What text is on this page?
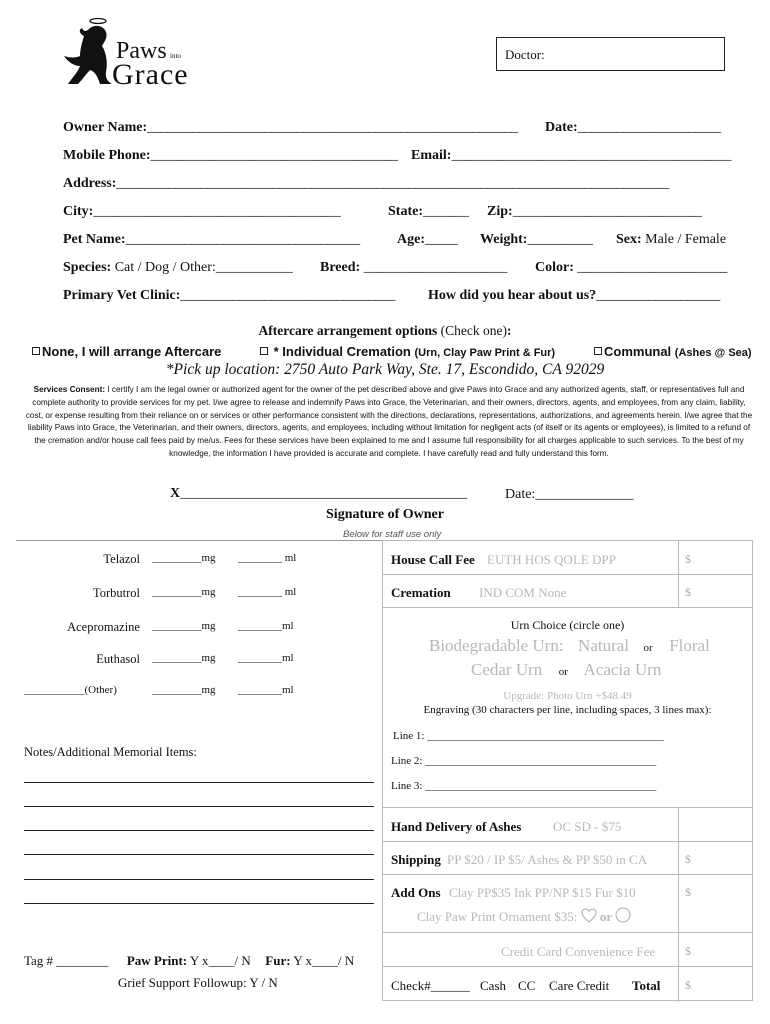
Paws into
Grace
Doctor:
Owner Name:_________________________________________________________ Date:______________________
Mobile Phone:______________________________________ Email:___________________________________________
Address:_____________________________________________________________________________________
City:______________________________________	State:_______ Zip:_____________________________
Pet Name:____________________________________	Age:_____ Weight:__________ Sex: Male / Female
Species: Cat / Dog / Other:___________ Breed: ______________________ Color: _______________________
Primary Vet Clinic:_________________________________ How did you hear about us?___________________
Aftercare arrangement options (Check one):
None, I will arrange Aftercare	* Individual Cremation (Urn, Clay Paw Print & Fur)	Communal (Ashes @ Sea)
*Pick up location: 2750 Auto Park Way, Ste. 17, Escondido, CA 92029
Services Consent: I certify I am the legal owner or authorized agent for the owner of the pet described above and give Paws into Grace and any authorized agents, staff, or representatives full and complete authority to provide services for my pet. I/we agree to release and indemnify Paws into Grace, the Veterinarian, and their owners, directors, agents, and employees, from any claim, liability, cost, or expense resulting from their reliance on or services or other performance consistent with the directions, declarations, representations, authorizations, and agreements herein. I/we agree that the liability Paws into Grace, the Veterinarian, and their owners, directors, agents, and employees, including without limitation for negligent acts (of itself or its agents or employees), is limited to a refund of the cremation and/or house call fees paid by me/us. Fees for these services have been explained to me and I assume full responsibility for all charges applicable to such services. To the best of my knowledge, the information I have provided is accurate and complete. I have carefully read and fully understand this form.
X_________________________________________	Date:______________
Signature of Owner
Below for staff use only
Telazol _________mg ________ ml
Torbutrol _________mg ________ ml
Acepromazine _________mg ________ml
Euthasol _________mg ________ml
___________(Other)	_________mg ________ml
Notes/Additional Memorial Items:
Tag # ________ Paw Print: Y x____/ N Fur: Y x____/ N
Grief Support Followup: Y / N
House Call Fee EUTH HOS QOLE DPP	$
Cremation IND COM None	$
Urn Choice (circle one)
Biodegradable Urn: Natural or Floral
Cedar Urn or Acacia Urn
Upgrade: Photo Urn +$48.49
Engraving (30 characters per line, including spaces, 3 lines max):
Line 1: ___________________________________________
Line 2: __________________________________________
Line 3: __________________________________________
Hand Delivery of Ashes OC SD - $75
Shipping PP $20 / IP $5/ Ashes & PP $50 in CA	$
Add Ons Clay PP$35 Ink PP/NP $15 Fur $10	$
Clay Paw Print Ornament $35: or
Credit Card Convenience Fee $
Check#______ Cash CC Care Credit Total $
